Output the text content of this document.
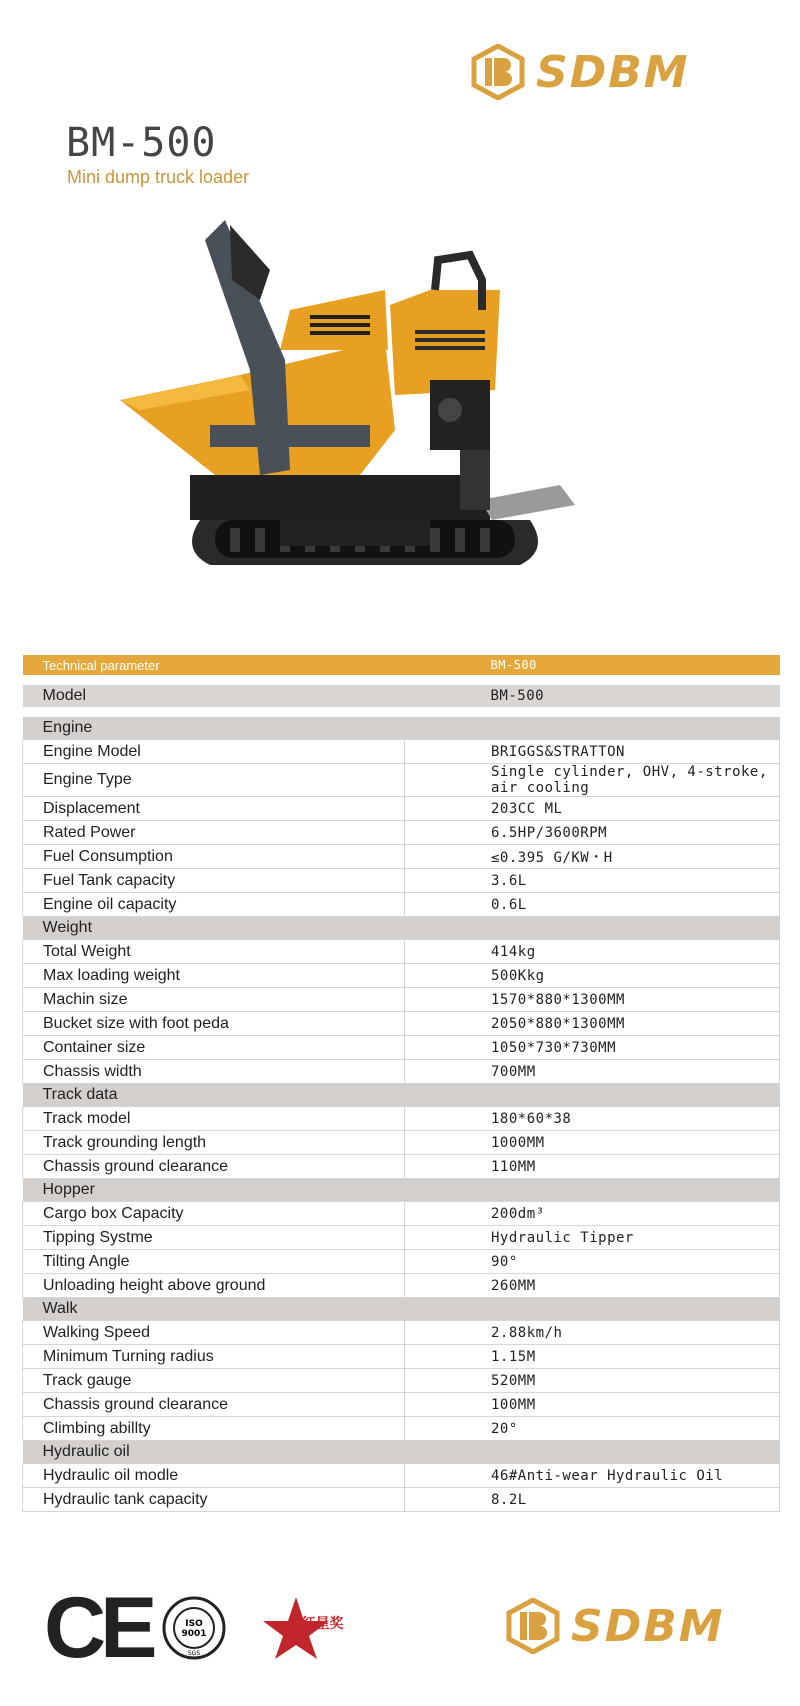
SDBM
BM-500
Mini dump truck loader
Technical parameter	BM-500

Model	BM-500

Engine	
Engine Model	BRIGGS&STRATTON
Engine Type	Single cylinder, OHV, 4-stroke, air cooling
Displacement	203CC ML
Rated Power	6.5HP/3600RPM
Fuel Consumption	≤0.395 G/KW・H
Fuel Tank capacity	3.6L
Engine oil capacity	0.6L
Weight	
Total Weight	414kg
Max loading weight	500Kkg
Machin size	1570*880*1300MM
Bucket size with foot peda	2050*880*1300MM
Container size	1050*730*730MM
Chassis width	700MM
Track data	
Track model	180*60*38
Track grounding length	1000MM
Chassis ground clearance	110MM
Hopper	
Cargo box Capacity	200dm³
Tipping Systme	Hydraulic Tipper
Tilting Angle	90°
Unloading height above ground	260MM
Walk	
Walking Speed	2.88km/h
Minimum Turning radius	1.15M
Track gauge	520MM
Chassis ground clearance	100MM
Climbing abillty	20°
Hydraulic oil	
Hydraulic oil modle	46#Anti-wear Hydraulic Oil
Hydraulic tank capacity	8.2L
CE	ISO
9001
SGS
红星奖	SDBM
